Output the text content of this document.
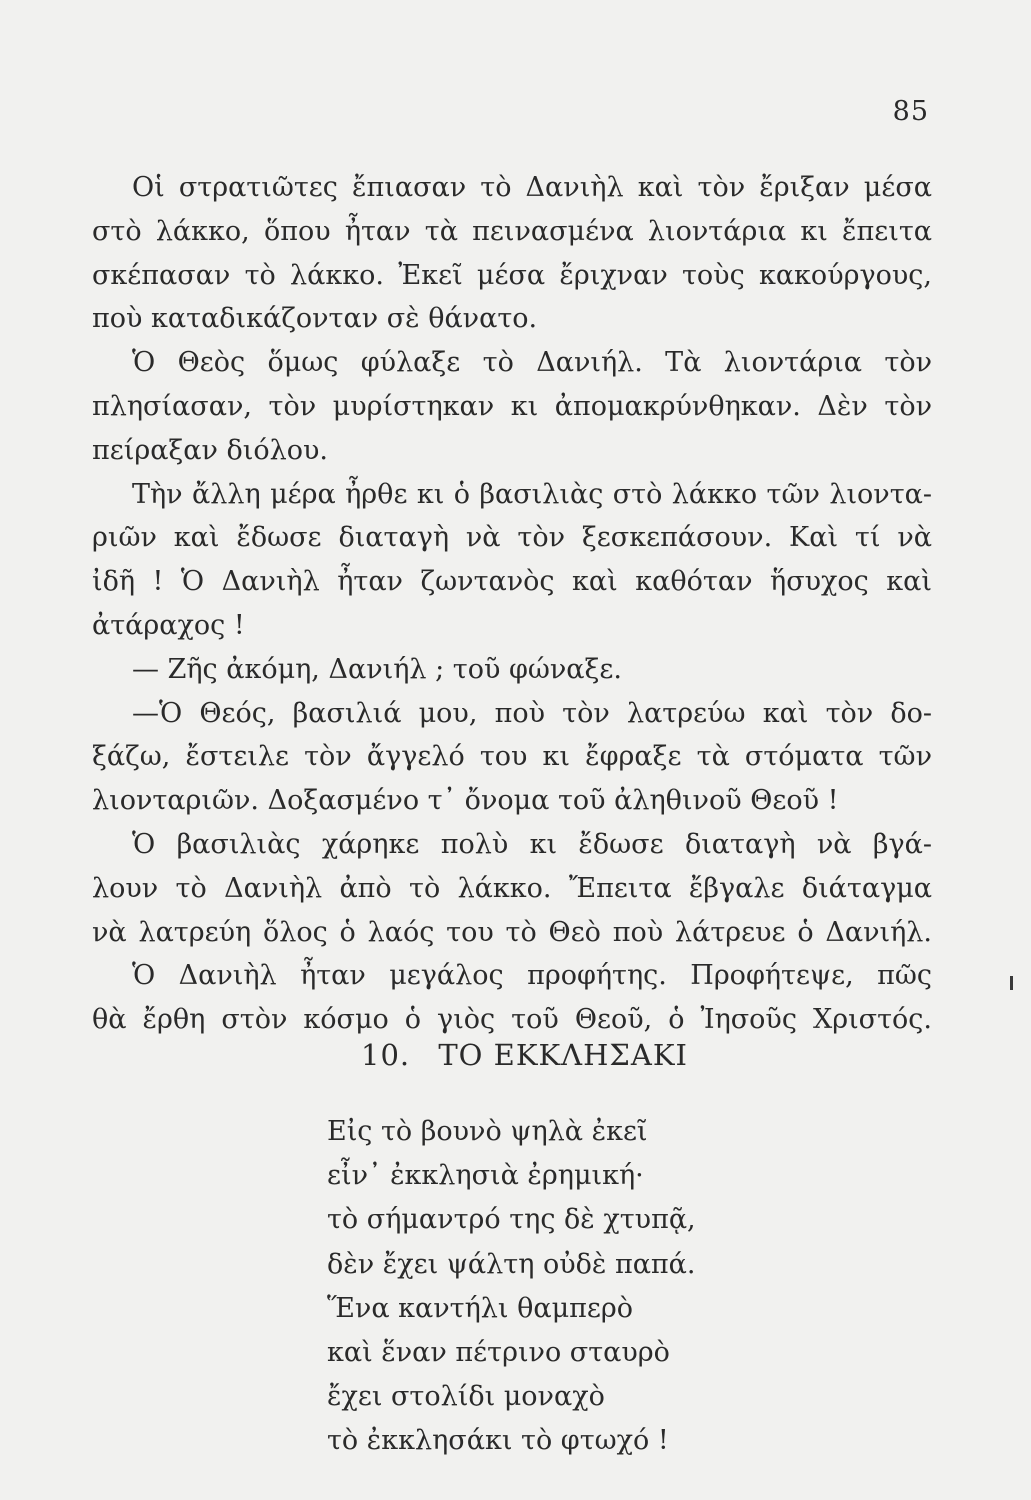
85
Οἱ στρατιῶτες ἔπιασαν τὸ Δανιὴλ καὶ τὸν ἔριξαν μέσα
στὸ λάκκο, ὅπου ἦταν τὰ πεινασμένα λιοντάρια κι ἔπειτα
σκέπασαν τὸ λάκκο. Ἐκεῖ μέσα ἔριχναν τοὺς κακούργους,
ποὺ καταδικάζονταν σὲ θάνατο.
Ὁ Θεὸς ὅμως φύλαξε τὸ Δανιήλ. Τὰ λιοντάρια τὸν
πλησίασαν, τὸν μυρίστηκαν κι ἀπομακρύνθηκαν. Δὲν τὸν
πείραξαν διόλου.
Τὴν ἄλλη μέρα ἦρθε κι ὁ βασιλιὰς στὸ λάκκο τῶν λιοντα-
ριῶν καὶ ἔδωσε διαταγὴ νὰ τὸν ξεσκεπάσουν. Καὶ τί νὰ
ἰδῆ ! Ὁ Δανιὴλ ἦταν ζωντανὸς καὶ καθόταν ἥσυχος καὶ
ἀτάραχος !
— Ζῆς ἀκόμη, Δανιήλ ; τοῦ φώναξε.
—Ὁ Θεός, βασιλιά μου, ποὺ τὸν λατρεύω καὶ τὸν δο-
ξάζω, ἔστειλε τὸν ἄγγελό του κι ἔφραξε τὰ στόματα τῶν
λιονταριῶν. Δοξασμένο τ᾽ ὄνομα τοῦ ἀληθινοῦ Θεοῦ !
Ὁ βασιλιὰς χάρηκε πολὺ κι ἔδωσε διαταγὴ νὰ βγά-
λουν τὸ Δανιὴλ ἀπὸ τὸ λάκκο. Ἔπειτα ἔβγαλε διάταγμα
νὰ λατρεύη ὅλος ὁ λαός του τὸ Θεὸ ποὺ λάτρευε ὁ Δανιήλ.
Ὁ Δανιὴλ ἦταν μεγάλος προφήτης. Προφήτεψε, πῶς
θὰ ἔρθη στὸν κόσμο ὁ γιὸς τοῦ Θεοῦ, ὁ Ἰησοῦς Χριστός.
10. ΤΟ ΕΚΚΛΗΣΑΚΙ
Εἰς τὸ βουνὸ ψηλὰ ἐκεῖ
εἶν᾽ ἐκκλησιὰ ἐρημική·
τὸ σήμαντρό της δὲ χτυπᾷ,
δὲν ἔχει ψάλτη οὐδὲ παπά.
Ἕνα καντήλι θαμπερὸ
καὶ ἕναν πέτρινο σταυρὸ
ἔχει στολίδι μοναχὸ
τὸ ἐκκλησάκι τὸ φτωχό !
